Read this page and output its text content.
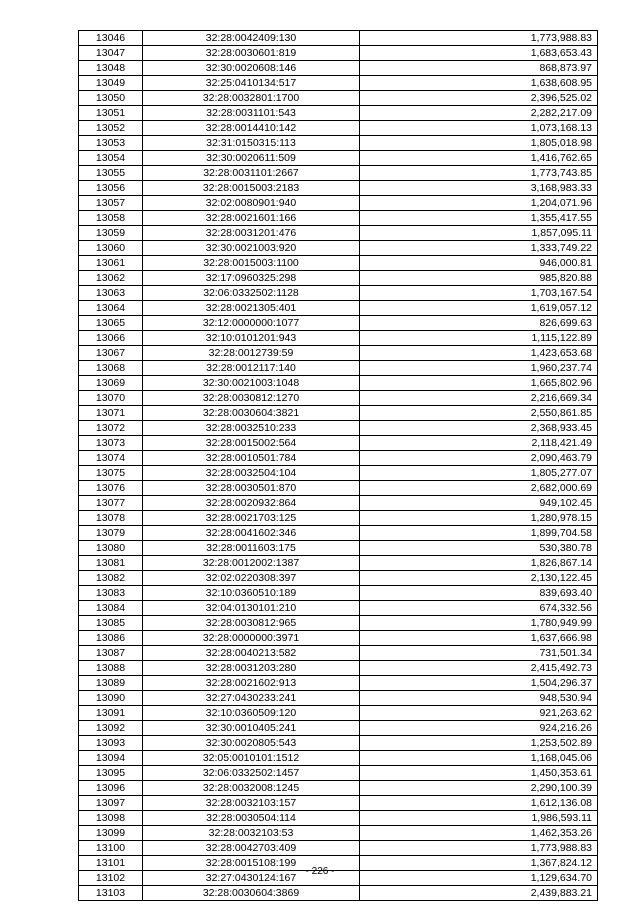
13046	32:28:0042409:130	1,773,988.83
13047	32:28:0030601:819	1,683,653.43
13048	32:30:0020608:146	868,873.97
13049	32:25:0410134:517	1,638,608.95
13050	32:28:0032801:1700	2,396,525.02
13051	32:28:0031101:543	2,282,217.09
13052	32:28:0014410:142	1,073,168.13
13053	32:31:0150315:113	1,805,018.98
13054	32:30:0020611:509	1,416,762.65
13055	32:28:0031101:2667	1,773,743.85
13056	32:28:0015003:2183	3,168,983.33
13057	32:02:0080901:940	1,204,071.96
13058	32:28:0021601:166	1,355,417.55
13059	32:28:0031201:476	1,857,095.11
13060	32:30:0021003:920	1,333,749.22
13061	32:28:0015003:1100	946,000.81
13062	32:17:0960325:298	985,820.88
13063	32:06:0332502:1128	1,703,167.54
13064	32:28:0021305:401	1,619,057.12
13065	32:12:0000000:1077	826,699.63
13066	32:10:0101201:943	1,115,122.89
13067	32:28:0012739:59	1,423,653.68
13068	32:28:0012117:140	1,960,237.74
13069	32:30:0021003:1048	1,665,802.96
13070	32:28:0030812:1270	2,216,669.34
13071	32:28:0030604:3821	2,550,861.85
13072	32:28:0032510:233	2,368,933.45
13073	32:28:0015002:564	2,118,421.49
13074	32:28:0010501:784	2,090,463.79
13075	32:28:0032504:104	1,805,277.07
13076	32:28:0030501:870	2,682,000.69
13077	32:28:0020932:864	949,102.45
13078	32:28:0021703:125	1,280,978.15
13079	32:28:0041602:346	1,899,704.58
13080	32:28:0011603:175	530,380.78
13081	32:28:0012002:1387	1,826,867.14
13082	32:02:0220308:397	2,130,122.45
13083	32:10:0360510:189	839,693.40
13084	32:04:0130101:210	674,332.56
13085	32:28:0030812:965	1,780,949.99
13086	32:28:0000000:3971	1,637,666.98
13087	32:28:0040213:582	731,501.34
13088	32:28:0031203:280	2,415,492.73
13089	32:28:0021602:913	1,504,296.37
13090	32:27:0430233:241	948,530.94
13091	32:10:0360509:120	921,263.62
13092	32:30:0010405:241	924,216.26
13093	32:30:0020805:543	1,253,502.89
13094	32:05:0010101:1512	1,168,045.06
13095	32:06:0332502:1457	1,450,353.61
13096	32:28:0032008:1245	2,290,100.39
13097	32:28:0032103:157	1,612,136.08
13098	32:28:0030504:114	1,986,593.11
13099	32:28:0032103:53	1,462,353.26
13100	32:28:0042703:409	1,773,988.83
13101	32:28:0015108:199	1,367,824.12
13102	32:27:0430124:167	1,129,634.70
13103	32:28:0030604:3869	2,439,883.21
- 226 -
